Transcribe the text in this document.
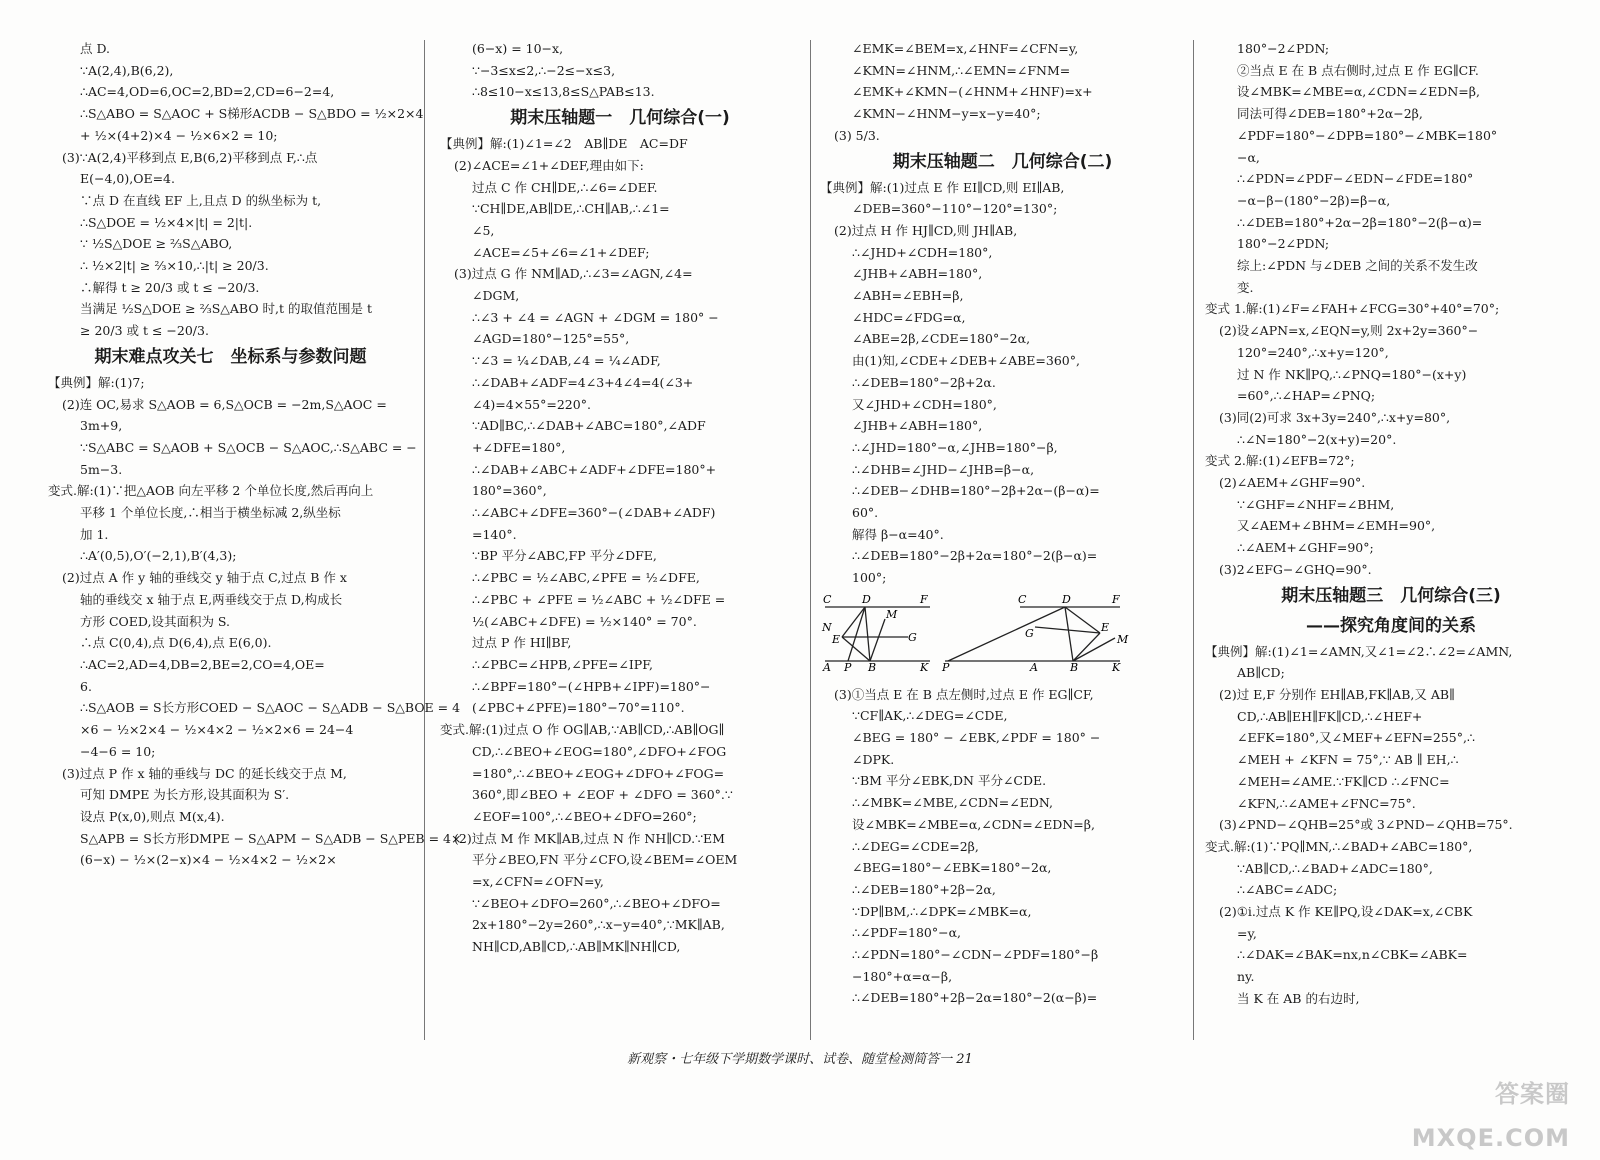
点 D.
∵A(2,4),B(6,2),
∴AC=4,OD=6,OC=2,BD=2,CD=6−2=4,
∴S△ABO = S△AOC + S梯形ACDB − S△BDO = ½×2×4
+ ½×(4+2)×4 − ½×6×2 = 10;
(3)∵A(2,4)平移到点 E,B(6,2)平移到点 F,∴点
E(−4,0),OE=4.
∵点 D 在直线 EF 上,且点 D 的纵坐标为 t,
∴S△DOE = ½×4×|t| = 2|t|.
∵ ½S△DOE ≥ ⅔S△ABO,
∴ ½×2|t| ≥ ⅔×10,∴|t| ≥ 20/3.
∴解得 t ≥ 20/3 或 t ≤ −20/3.
当满足 ½S△DOE ≥ ⅔S△ABO 时,t 的取值范围是 t
≥ 20/3 或 t ≤ −20/3.
期末难点攻关七　坐标系与参数问题
【典例】解:(1)7;
(2)连 OC,易求 S△AOB = 6,S△OCB = −2m,S△AOC =
3m+9,
∵S△ABC = S△AOB + S△OCB − S△AOC,∴S△ABC = −
5m−3.
变式.解:(1)∵把△AOB 向左平移 2 个单位长度,然后再向上
平移 1 个单位长度,∴相当于横坐标减 2,纵坐标
加 1.
∴A′(0,5),O′(−2,1),B′(4,3);
(2)过点 A 作 y 轴的垂线交 y 轴于点 C,过点 B 作 x
轴的垂线交 x 轴于点 E,两垂线交于点 D,构成长
方形 COED,设其面积为 S.
∴点 C(0,4),点 D(6,4),点 E(6,0).
∴AC=2,AD=4,DB=2,BE=2,CO=4,OE=
6.
∴S△AOB = S长方形COED − S△AOC − S△ADB − S△BOE = 4
×6 − ½×2×4 − ½×4×2 − ½×2×6 = 24−4
−4−6 = 10;
(3)过点 P 作 x 轴的垂线与 DC 的延长线交于点 M,
可知 DMPE 为长方形,设其面积为 S′.
设点 P(x,0),则点 M(x,4).
S△APB = S长方形DMPE − S△APM − S△ADB − S△PEB = 4×
(6−x) − ½×(2−x)×4 − ½×4×2 − ½×2×
(6−x) = 10−x,
∵−3≤x≤2,∴−2≤−x≤3,
∴8≤10−x≤13,8≤S△PAB≤13.
期末压轴题一　几何综合(一)
【典例】解:(1)∠1=∠2　AB∥DE　AC=DF
(2)∠ACE=∠1+∠DEF,理由如下:
过点 C 作 CH∥DE,∴∠6=∠DEF.
∵CH∥DE,AB∥DE,∴CH∥AB,∴∠1=
∠5,
∠ACE=∠5+∠6=∠1+∠DEF;
(3)过点 G 作 NM∥AD,∴∠3=∠AGN,∠4=
∠DGM,
∴∠3 + ∠4 = ∠AGN + ∠DGM = 180° −
∠AGD=180°−125°=55°,
∵∠3 = ¼∠DAB,∠4 = ¼∠ADF,
∴∠DAB+∠ADF=4∠3+4∠4=4(∠3+
∠4)=4×55°=220°.
∵AD∥BC,∴∠DAB+∠ABC=180°,∠ADF
+∠DFE=180°,
∴∠DAB+∠ABC+∠ADF+∠DFE=180°+
180°=360°,
∴∠ABC+∠DFE=360°−(∠DAB+∠ADF)
=140°.
∵BP 平分∠ABC,FP 平分∠DFE,
∴∠PBC = ½∠ABC,∠PFE = ½∠DFE,
∴∠PBC + ∠PFE = ½∠ABC + ½∠DFE =
½(∠ABC+∠DFE) = ½×140° = 70°.
过点 P 作 HI∥BF,
∴∠PBC=∠HPB,∠PFE=∠IPF,
∴∠BPF=180°−(∠HPB+∠IPF)=180°−
(∠PBC+∠PFE)=180°−70°=110°.
变式.解:(1)过点 O 作 OG∥AB,∵AB∥CD,∴AB∥OG∥
CD,∴∠BEO+∠EOG=180°,∠DFO+∠FOG
=180°,∴∠BEO+∠EOG+∠DFO+∠FOG=
360°,即∠BEO + ∠EOF + ∠DFO = 360°.∵
∠EOF=100°,∴∠BEO+∠DFO=260°;
(2)过点 M 作 MK∥AB,过点 N 作 NH∥CD.∵EM
平分∠BEO,FN 平分∠CFO,设∠BEM=∠OEM
=x,∠CFN=∠OFN=y,
∵∠BEO+∠DFO=260°,∴∠BEO+∠DFO=
2x+180°−2y=260°,∴x−y=40°,∵MK∥AB,
NH∥CD,AB∥CD,∴AB∥MK∥NH∥CD,
∠EMK=∠BEM=x,∠HNF=∠CFN=y,
∠KMN=∠HNM,∴∠EMN=∠FNM=
∠EMK+∠KMN−(∠HNM+∠HNF)=x+
∠KMN−∠HNM−y=x−y=40°;
(3) 5/3.
期末压轴题二　几何综合(二)
【典例】解:(1)过点 E 作 EI∥CD,则 EI∥AB,
∠DEB=360°−110°−120°=130°;
(2)过点 H 作 HJ∥CD,则 JH∥AB,
∴∠JHD+∠CDH=180°,
∠JHB+∠ABH=180°,
∠ABH=∠EBH=β,
∠HDC=∠FDG=α,
∠ABE=2β,∠CDE=180°−2α,
由(1)知,∠CDE+∠DEB+∠ABE=360°,
∴∠DEB=180°−2β+2α.
又∠JHD+∠CDH=180°,
∠JHB+∠ABH=180°,
∴∠JHD=180°−α,∠JHB=180°−β,
∴∠DHB=∠JHD−∠JHB=β−α,
∴∠DEB−∠DHB=180°−2β+2α−(β−α)=
60°.
解得 β−α=40°.
∴∠DEB=180°−2β+2α=180°−2(β−α)=
100°;
C	D	F
M
N
E	G
A P B	K
C	D	F
G	E
M
P	A	B	K
(3)①当点 E 在 B 点左侧时,过点 E 作 EG∥CF,
∵CF∥AK,∴∠DEG=∠CDE,
∠BEG = 180° − ∠EBK,∠PDF = 180° −
∠DPK.
∵BM 平分∠EBK,DN 平分∠CDE.
∴∠MBK=∠MBE,∠CDN=∠EDN,
设∠MBK=∠MBE=α,∠CDN=∠EDN=β,
∴∠DEG=∠CDE=2β,
∠BEG=180°−∠EBK=180°−2α,
∴∠DEB=180°+2β−2α,
∵DP∥BM,∴∠DPK=∠MBK=α,
∴∠PDF=180°−α,
∴∠PDN=180°−∠CDN−∠PDF=180°−β
−180°+α=α−β,
∴∠DEB=180°+2β−2α=180°−2(α−β)=
180°−2∠PDN;
②当点 E 在 B 点右侧时,过点 E 作 EG∥CF.
设∠MBK=∠MBE=α,∠CDN=∠EDN=β,
同法可得∠DEB=180°+2α−2β,
∠PDF=180°−∠DPB=180°−∠MBK=180°
−α,
∴∠PDN=∠PDF−∠EDN−∠FDE=180°
−α−β−(180°−2β)=β−α,
∴∠DEB=180°+2α−2β=180°−2(β−α)=
180°−2∠PDN;
综上:∠PDN 与∠DEB 之间的关系不发生改
变.
变式 1.解:(1)∠F=∠FAH+∠FCG=30°+40°=70°;
(2)设∠APN=x,∠EQN=y,则 2x+2y=360°−
120°=240°,∴x+y=120°,
过 N 作 NK∥PQ,∴∠PNQ=180°−(x+y)
=60°,∴∠HAP=∠PNQ;
(3)同(2)可求 3x+3y=240°,∴x+y=80°,
∴∠N=180°−2(x+y)=20°.
变式 2.解:(1)∠EFB=72°;
(2)∠AEM+∠GHF=90°.
∵∠GHF=∠NHF=∠BHM,
又∠AEM+∠BHM=∠EMH=90°,
∴∠AEM+∠GHF=90°;
(3)2∠EFG−∠GHQ=90°.
期末压轴题三　几何综合(三)
——探究角度间的关系
【典例】解:(1)∠1=∠AMN,又∠1=∠2∴∠2=∠AMN,
AB∥CD;
(2)过 E,F 分别作 EH∥AB,FK∥AB,又 AB∥
CD,∴AB∥EH∥FK∥CD,∴∠HEF+
∠EFK=180°,又∠MEF+∠EFN=255°,∴
∠MEH + ∠KFN = 75°,∵ AB ∥ EH,∴
∠MEH=∠AME.∵FK∥CD ∴∠FNC=
∠KFN,∴∠AME+∠FNC=75°.
(3)∠PND−∠QHB=25°或 3∠PND−∠QHB=75°.
变式.解:(1)∵PQ∥MN,∴∠BAD+∠ABC=180°,
∵AB∥CD,∴∠BAD+∠ADC=180°,
∴∠ABC=∠ADC;
(2)①ⅰ.过点 K 作 KE∥PQ,设∠DAK=x,∠CBK
=y,
∴∠DAK=∠BAK=nx,n∠CBK=∠ABK=
ny.
当 K 在 AB 的右边时,
新观察・七年级下学期数学课时、试卷、随堂检测简答一 21
答案圈 MXQE.COM
